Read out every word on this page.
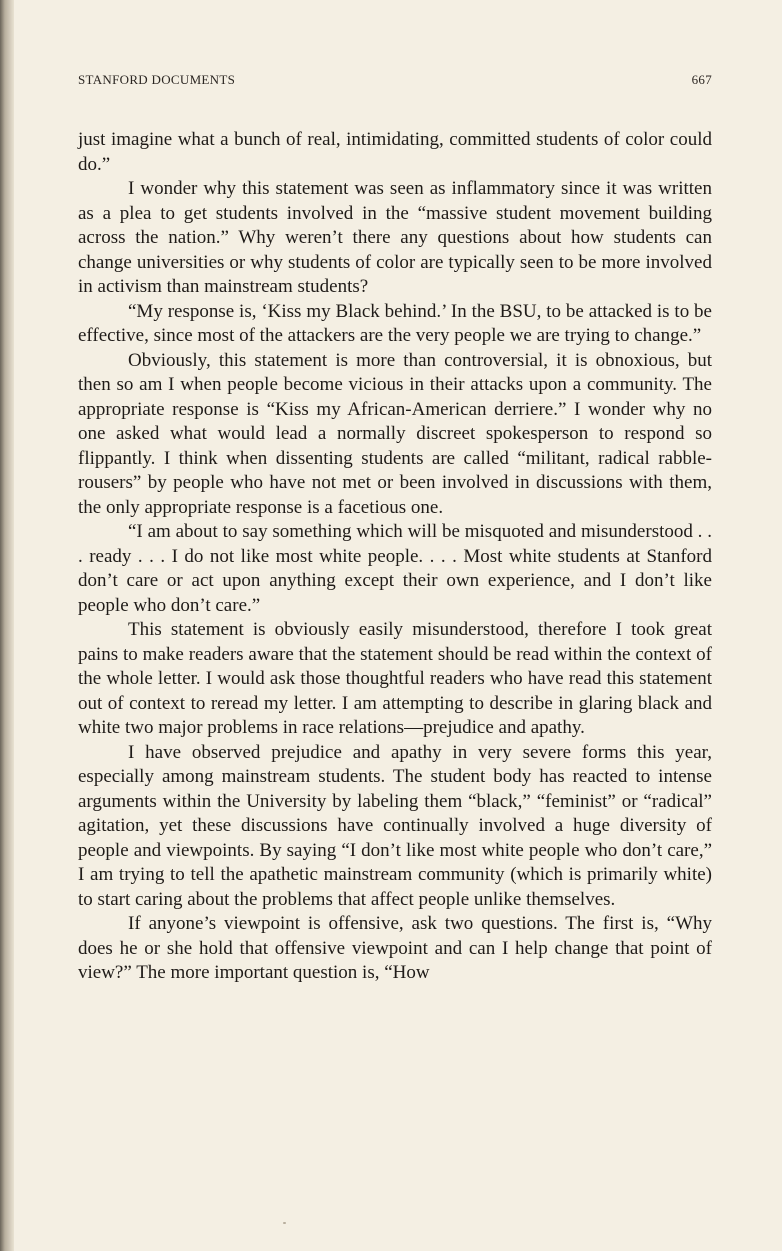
STANFORD DOCUMENTS	667

just imagine what a bunch of real, intimidating, committed students of color could do.”

I wonder why this statement was seen as inflammatory since it was written as a plea to get students involved in the “massive student movement building across the nation.” Why weren’t there any questions about how students can change universities or why students of color are typically seen to be more involved in activism than mainstream students?

“My response is, ‘Kiss my Black behind.’ In the BSU, to be attacked is to be effective, since most of the attackers are the very people we are trying to change.”

Obviously, this statement is more than controversial, it is obnoxious, but then so am I when people become vicious in their attacks upon a community. The appropriate response is “Kiss my African-American derriere.” I wonder why no one asked what would lead a normally discreet spokesperson to respond so flippantly. I think when dissenting students are called “militant, radical rabble-rousers” by people who have not met or been involved in discussions with them, the only appropriate response is a facetious one.

“I am about to say something which will be misquoted and misunderstood . . . ready . . . I do not like most white people. . . . Most white students at Stanford don’t care or act upon anything except their own experience, and I don’t like people who don’t care.”

This statement is obviously easily misunderstood, therefore I took great pains to make readers aware that the statement should be read within the context of the whole letter. I would ask those thoughtful readers who have read this statement out of context to reread my letter. I am attempting to describe in glaring black and white two major problems in race relations—prejudice and apathy.

I have observed prejudice and apathy in very severe forms this year, especially among mainstream students. The student body has reacted to intense arguments within the University by labeling them “black,” “feminist” or “radical” agitation, yet these discussions have continually involved a huge diversity of people and viewpoints. By saying “I don’t like most white people who don’t care,” I am trying to tell the apathetic mainstream community (which is primarily white) to start caring about the problems that affect people unlike themselves.

If anyone’s viewpoint is offensive, ask two questions. The first is, “Why does he or she hold that offensive viewpoint and can I help change that point of view?” The more important question is, “How
